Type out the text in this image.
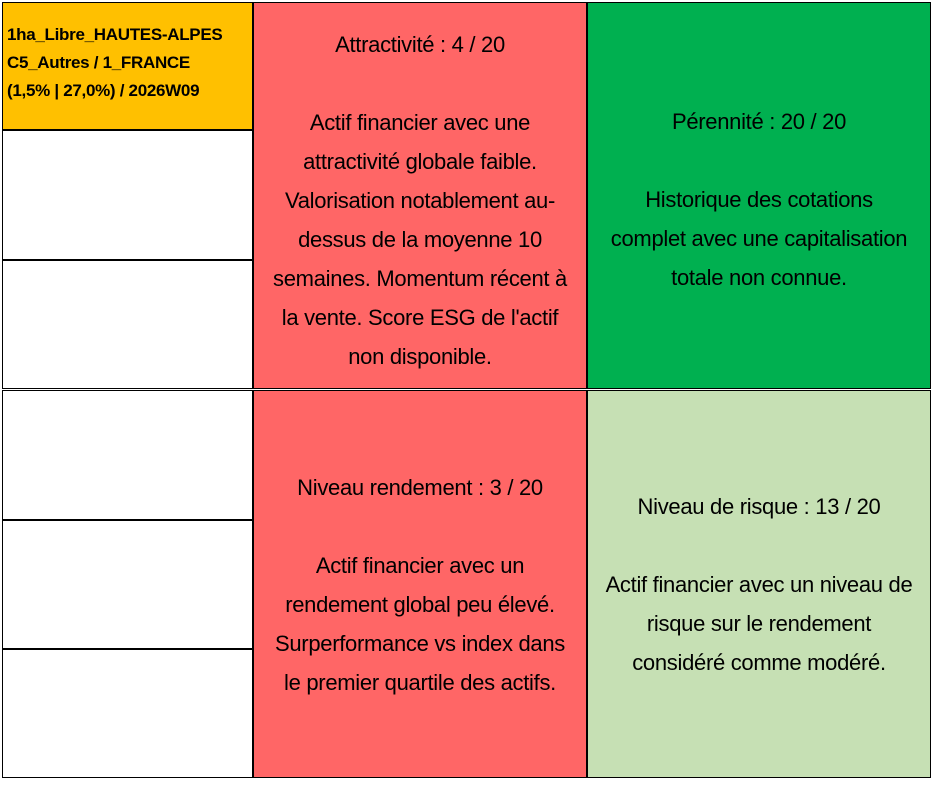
1ha_Libre_HAUTES-ALPES
C5_Autres / 1_FRANCE
(1,5% | 27,0%) / 2026W09
Attractivité : 4 / 20
Actif financier avec une
attractivité globale faible.
Valorisation notablement au-
dessus de la moyenne 10
semaines. Momentum récent à
la vente. Score ESG de l'actif
non disponible.
Pérennité : 20 / 20
Historique des cotations
complet avec une capitalisation
totale non connue.
Niveau rendement : 3 / 20
Actif financier avec un
rendement global peu élevé.
Surperformance vs index dans
le premier quartile des actifs.
Niveau de risque : 13 / 20
Actif financier avec un niveau de
risque sur le rendement
considéré comme modéré.
